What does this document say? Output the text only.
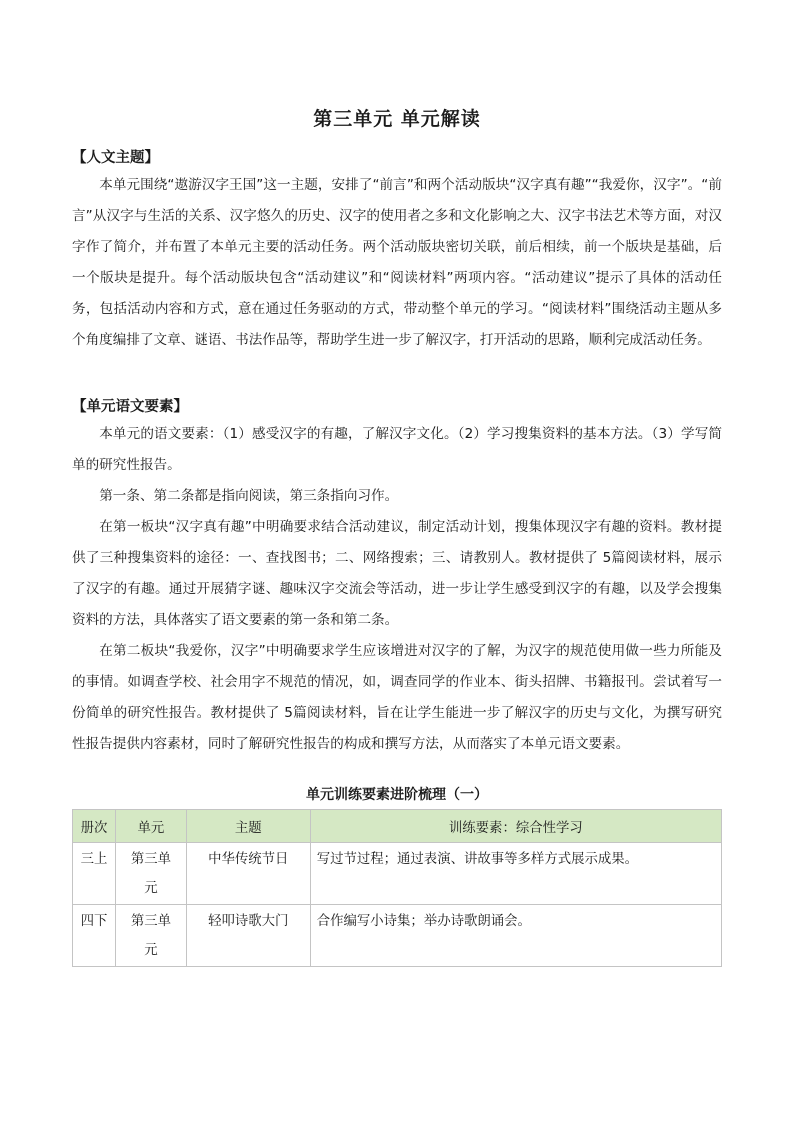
第三单元 单元解读
【人文主题】

本单元围绕“遨游汉字王国”这一主题，安排了“前言”和两个活动版块“汉字真有趣”“我爱你，汉字”。“前言”从汉字与生活的关系、汉字悠久的历史、汉字的使用者之多和文化影响之大、汉字书法艺术等方面，对汉字作了简介，并布置了本单元主要的活动任务。两个活动版块密切关联，前后相续，前一个版块是基础，后一个版块是提升。每个活动版块包含“活动建议”和“阅读材料”两项内容。“活动建议”提示了具体的活动任务，包括活动内容和方式，意在通过任务驱动的方式，带动整个单元的学习。“阅读材料”围绕活动主题从多个角度编排了文章、谜语、书法作品等，帮助学生进一步了解汉字，打开活动的思路，顺利完成活动任务。

【单元语文要素】

本单元的语文要素：（1）感受汉字的有趣，了解汉字文化。（2）学习搜集资料的基本方法。（3）学写简单的研究性报告。

第一条、第二条都是指向阅读，第三条指向习作。

在第一板块“汉字真有趣”中明确要求结合活动建议，制定活动计划，搜集体现汉字有趣的资料。教材提供了三种搜集资料的途径：一、查找图书；二、网络搜索；三、请教别人。教材提供了 5篇阅读材料，展示了汉字的有趣。通过开展猜字谜、趣味汉字交流会等活动，进一步让学生感受到汉字的有趣，以及学会搜集资料的方法，具体落实了语文要素的第一条和第二条。

在第二板块“我爱你，汉字”中明确要求学生应该增进对汉字的了解，为汉字的规范使用做一些力所能及的事情。如调查学校、社会用字不规范的情况，如，调查同学的作业本、街头招牌、书籍报刊。尝试着写一份简单的研究性报告。教材提供了 5篇阅读材料，旨在让学生能进一步了解汉字的历史与文化，为撰写研究性报告提供内容素材，同时了解研究性报告的构成和撰写方法，从而落实了本单元语文要素。

单元训练要素进阶梳理（一）
册次	单元	主题	训练要素：综合性学习
三上	第三单元	中华传统节日	写过节过程；通过表演、讲故事等多样方式展示成果。
四下	第三单元	轻叩诗歌大门	合作编写小诗集；举办诗歌朗诵会。
